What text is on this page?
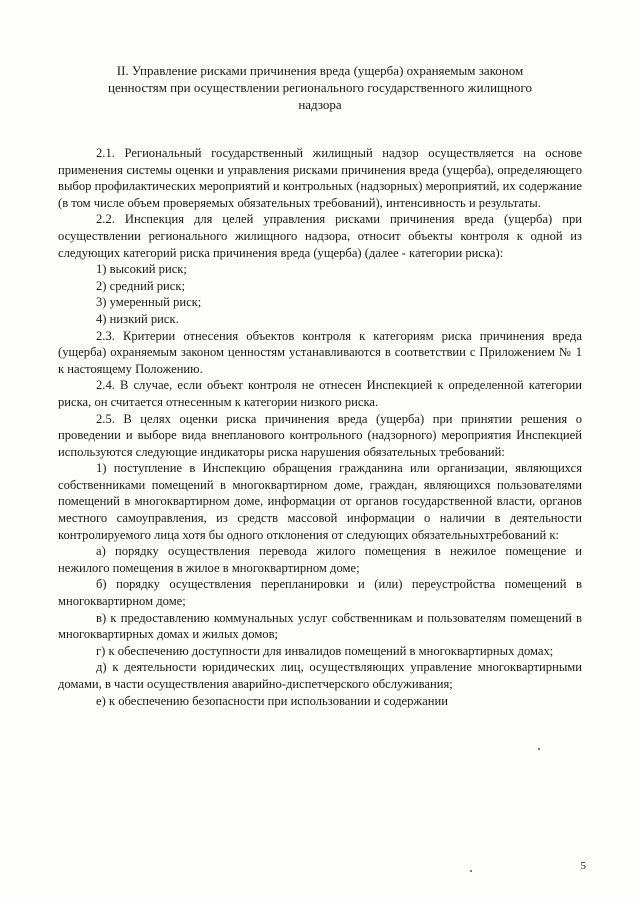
II. Управление рисками причинения вреда (ущерба) охраняемым законом
ценностям при осуществлении регионального государственного жилищного
надзора

2.1. Региональный государственный жилищный надзор осуществляется на основе применения системы оценки и управления рисками причинения вреда (ущерба), определяющего выбор профилактических мероприятий и контрольных (надзорных) мероприятий, их содержание (в том числе объем проверяемых обязательных требований), интенсивность и результаты.

2.2. Инспекция для целей управления рисками причинения вреда (ущерба) при осуществлении регионального жилищного надзора, относит объекты контроля к одной из следующих категорий риска причинения вреда (ущерба) (далее - категории риска):

1) высокий риск;

2) средний риск;

3) умеренный риск;

4) низкий риск.

2.3. Критерии отнесения объектов контроля к категориям риска причинения вреда (ущерба) охраняемым законом ценностям устанавливаются в соответствии с Приложением № 1 к настоящему Положению.

2.4. В случае, если объект контроля не отнесен Инспекцией к определенной категории риска, он считается отнесенным к категории низкого риска.

2.5. В целях оценки риска причинения вреда (ущерба) при принятии решения о проведении и выборе вида внепланового контрольного (надзорного) мероприятия Инспекцией используются следующие индикаторы риска нарушения обязательных требований:

1) поступление в Инспекцию обращения гражданина или организации, являющихся собственниками помещений в многоквартирном доме, граждан, являющихся пользователями помещений в многоквартирном доме, информации от органов государственной власти, органов местного самоуправления, из средств массовой информации о наличии в деятельности контролируемого лица хотя бы одного отклонения от следующих обязательныхтребований к:

а) порядку осуществления перевода жилого помещения в нежилое помещение и нежилого помещения в жилое в многоквартирном доме;

б) порядку осуществления перепланировки и (или) переустройства помещений в многоквартирном доме;

в) к предоставлению коммунальных услуг собственникам и пользователям помещений в многоквартирных домах и жилых домов;

г) к обеспечению доступности для инвалидов помещений в многоквартирных домах;

д) к деятельности юридических лиц, осуществляющих управление многоквартирными домами, в части осуществления аварийно-диспетчерского обслуживания;

е) к обеспечению безопасности при использовании и содержании

5
